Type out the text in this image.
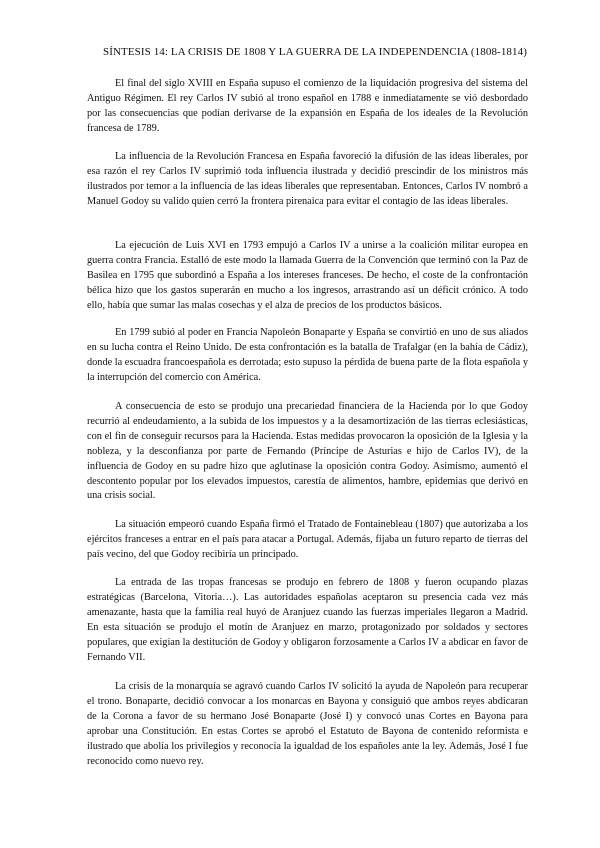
SÍNTESIS 14: LA CRISIS DE 1808 Y LA GUERRA DE LA INDEPENDENCIA (1808-1814)

El final del siglo XVIII en España supuso el comienzo de la liquidación progresiva del sistema del Antiguo Régimen. El rey Carlos IV subió al trono español en 1788 e inmediatamente se vió desbordado por las consecuencias que podían derivarse de la expansión en España de los ideales de la Revolución francesa de 1789.

La influencia de la Revolución Francesa en España favoreció la difusión de las ideas liberales, por esa razón el rey Carlos IV suprimió toda influencia ilustrada y decidió prescindir de los ministros más ilustrados por temor a la influencia de las ideas liberales que representaban. Entonces, Carlos IV nombró a Manuel Godoy su valido quien cerró la frontera pirenaica para evitar el contagio de las ideas liberales.

La ejecución de Luis XVI en 1793 empujó a Carlos IV a unirse a la coalición militar europea en guerra contra Francia. Estalló de este modo la llamada Guerra de la Convención que terminó con la Paz de Basilea en 1795 que subordinó a España a los intereses franceses. De hecho, el coste de la confrontación bélica hizo que los gastos superarán en mucho a los ingresos, arrastrando así un déficit crónico. A todo ello, había que sumar las malas cosechas y el alza de precios de los productos básicos.

En 1799 subió al poder en Francia Napoleón Bonaparte y España se convirtió en uno de sus aliados en su lucha contra el Reino Unido. De esta confrontación es la batalla de Trafalgar (en la bahía de Cádiz), donde la escuadra francoespañola es derrotada; esto supuso la pérdida de buena parte de la flota española y la interrupción del comercio con América.

A consecuencia de esto se produjo una precariedad financiera de la Hacienda por lo que Godoy recurrió al endeudamiento, a la subida de los impuestos y a la desamortización de las tierras eclesiásticas, con el fin de conseguir recursos para la Hacienda. Estas medidas provocaron la oposición de la Iglesia y la nobleza, y la desconfianza por parte de Fernando (Príncipe de Asturias e hijo de Carlos IV), de la influencia de Godoy en su padre hizo que aglutinase la oposición contra Godoy. Asimismo, aumentó el descontento popular por los elevados impuestos, carestía de alimentos, hambre, epidemias que derivó en una crisis social.

La situación empeoró cuando España firmó el Tratado de Fontainebleau (1807) que autorizaba a los ejércitos franceses a entrar en el país para atacar a Portugal. Además, fijaba un futuro reparto de tierras del país vecino, del que Godoy recibiría un principado.

La entrada de las tropas francesas se produjo en febrero de 1808 y fueron ocupando plazas estratégicas (Barcelona, Vitoria…). Las autoridades españolas aceptaron su presencia cada vez más amenazante, hasta que la familia real huyó de Aranjuez cuando las fuerzas imperiales llegaron a Madrid. En esta situación se produjo el motín de Aranjuez en marzo, protagonizado por soldados y sectores populares, que exigían la destitución de Godoy y obligaron forzosamente a Carlos IV a abdicar en favor de Fernando VII.

La crisis de la monarquía se agravó cuando Carlos IV solicitó la ayuda de Napoleón para recuperar el trono. Bonaparte, decidió convocar a los monarcas en Bayona y consiguió que ambos reyes abdicaran de la Corona a favor de su hermano José Bonaparte (José I) y convocó unas Cortes en Bayona para aprobar una Constitución. En estas Cortes se aprobó el Estatuto de Bayona de contenido reformista e ilustrado que abolía los privilegios y reconocía la igualdad de los españoles ante la ley. Además, José I fue reconocido como nuevo rey.
